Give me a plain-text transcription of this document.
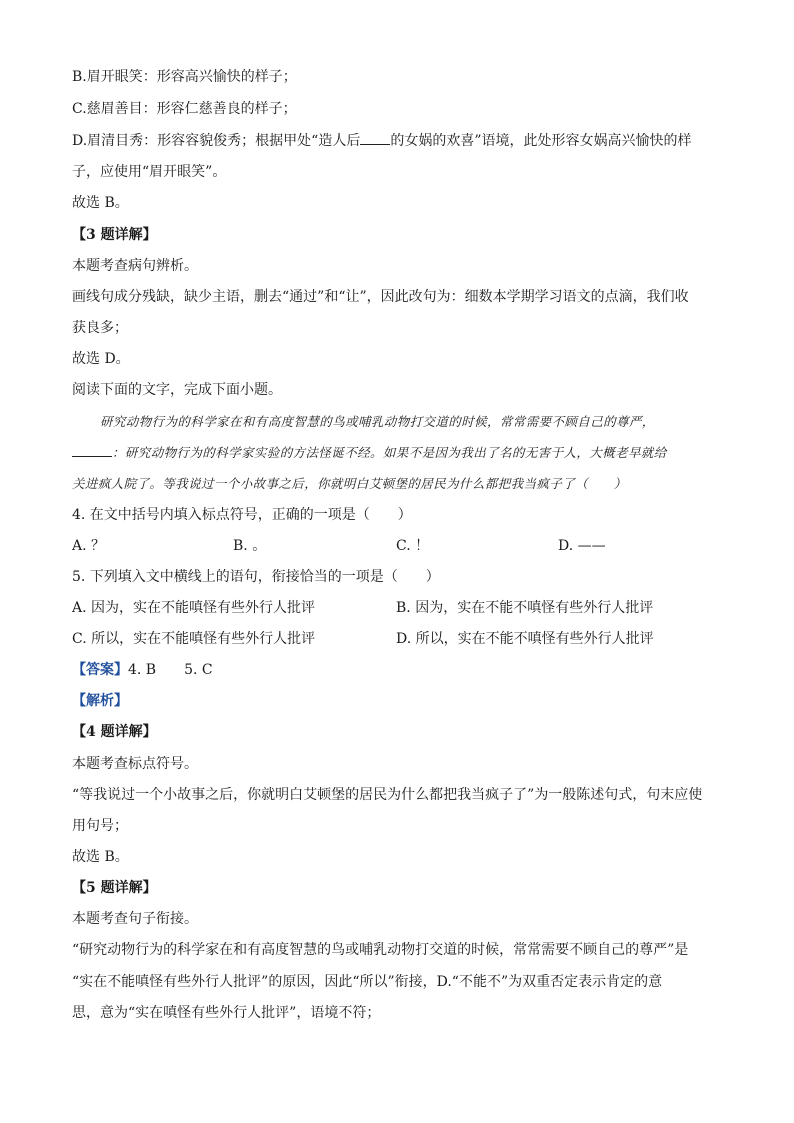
B.眉开眼笑：形容高兴愉快的样子；
C.慈眉善目：形容仁慈善良的样子；
D.眉清目秀：形容容貌俊秀；根据甲处“造人后 的女娲的欢喜”语境，此处形容女娲高兴愉快的样
子，应使用“眉开眼笑”。
故选 B。
【3 题详解】
本题考查病句辨析。
画线句成分残缺，缺少主语，删去“通过”和“让”，因此改句为：细数本学期学习语文的点滴，我们收
获良多；
故选 D。
阅读下面的文字，完成下面小题。
研究动物行为的科学家在和有高度智慧的鸟或哺乳动物打交道的时候，常常需要不顾自己的尊严，
：研究动物行为的科学家实验的方法怪诞不经。如果不是因为我出了名的无害于人，大概老早就给
关进疯人院了。等我说过一个小故事之后，你就明白艾顿堡的居民为什么都把我当疯子了（　　）
4. 在文中括号内填入标点符号，正确的一项是（　　）
A. ？	B. 。	C. ！	D. ——
5. 下列填入文中横线上的语句，衔接恰当的一项是（　　）
A. 因为，实在不能嗔怪有些外行人批评	B. 因为，实在不能不嗔怪有些外行人批评
C. 所以，实在不能嗔怪有些外行人批评	D. 所以，实在不能不嗔怪有些外行人批评
【答案】4. B　　5. C
【解析】
【4 题详解】
本题考查标点符号。
“等我说过一个小故事之后，你就明白艾顿堡的居民为什么都把我当疯子了”为一般陈述句式，句末应使
用句号；
故选 B。
【5 题详解】
本题考查句子衔接。
“研究动物行为的科学家在和有高度智慧的鸟或哺乳动物打交道的时候，常常需要不顾自己的尊严”是
“实在不能嗔怪有些外行人批评”的原因，因此“所以”衔接，D.“不能不”为双重否定表示肯定的意
思，意为“实在嗔怪有些外行人批评”，语境不符；
